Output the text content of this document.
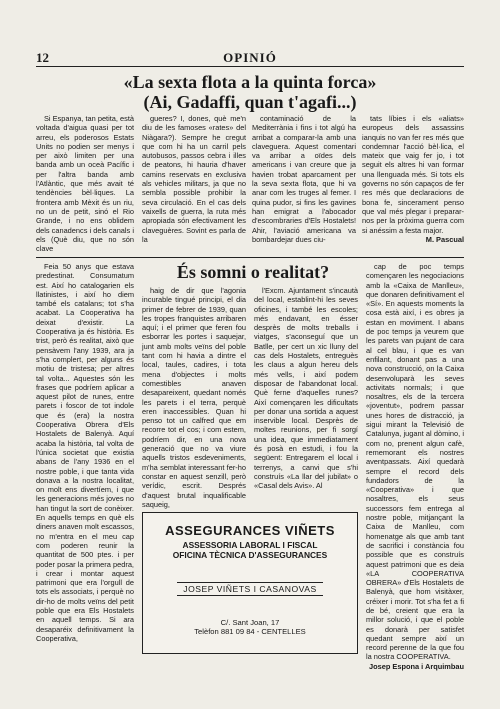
12	OPINIÓ
«La sexta flota a la quinta forca»
(Ai, Gadaffi, quan t'agafi...)

Si Espanya, tan petita, està voltada d'aigua quasi per tot arreu, els poderosos Estats Units no podien ser menys i per això limiten per una banda amb un oceà Pacífic i per l'altra banda amb l'Atlàntic, que més avait té tendències bèl·liques. La frontera amb Mèxit és un riu, no un de petit, sinó el Rio Grande, i no ens oblidem dels canadencs i dels canals i els (Què diu, que no són clave

gueres? I, dones, què me'n diu de les famoses «rates» del Niàgara?). Sempre he cregut que com hi ha un carril pels autobusos, passos cebra i illes de peatons, hi hauria d'haver camins reservats en exclusiva als vehicles militars, ja que no sembla possible prohibir la seva circulació. En el cas dels vaixells de guerra, la ruta més apropiada són efectivament les claveguères. Sovint es parla de la

contaminació de la Mediterrània i fins i tot algú ha arribat a comparar-la amb una claveguera. Aquest comentari va arribar a oïdes dels americans i van creure que ja havien trobat aparcament per la seva sexta flota, que hi va anar com les truges al femer. I quina pudor, si fins les gavines han emigrat a l'abocador d'escombraries d'Els Hostalets! Ahir, l'aviació americana va bombardejar dues ciu-

tats líbies i els «aliats» europeus dels assassins ianquis no van fer res més que condemnar l'acció bèl·lica, el mateix que vaig fer jo, i tot seguit els altres hi van formar una llenguada més. Si tots els governs no són capaços de fer res més que declaracions de bona fe, sincerament penso que val més plegar i preparar-nos per la pròxima guerra com si anéssim a festa major.

M. Pascual

Feia 50 anys que estava predestinat. Consumatum est. Així ho catalogarien els llatinistes, i així ho diem també els catalans; tot s'ha acabat. La Cooperativa ha deixat d'existir. La Cooperativa ja és història. Es trist, però és realitat, això que pensàvem l'any 1939, ara ja s'ha complert, per alguns és motiu de tristesa; per altres tal volta... Aquestes són les frases que podríem aplicar a aquest pilot de runes, entre parets i foscor de tot indole que és (era) la nostra Cooperativa Obrera d'Els Hostalets de Balenyà. Aquí acaba la història, tal volta de l'única societat que existia abans de l'any 1936 en el nostre poble, i que tanta vida donava a la nostra localitat, on molt ens divertíem, i que les generacions més joves no han tingut la sort de conèixer. En aquells temps en què els diners anaven molt escassos, no m'entra en el meu cap com poderen reunir la quantitat de 500 ptes. i per poder posar la primera pedra, i crear i montar aquest patrimoni que era l'orgull de tots els associats, i perquè no dir-ho de molts veïns del petit poble que era Els Hostalets en aquell temps. Si ara desaparéix definitivament la Cooperativa,

És somni o realitat?

haig de dir que l'agonia incurable tingué principi, el dia primer de febrer de 1939, quan les tropes franquistes arribaren aquí; i el primer que feren fou esborrar les portes i saquejar, junt amb molts veïns del poble tant com hi havia a dintre el local, taules, cadires, i tota mena d'objectes i molts comestibles anaven desapareixent, quedant només les parets i el terra, perquè eren inaccessibles. Quan hi penso tot un calfred que em recorre tot el cos; i com estem, podríem dir, en una nova generació que no va viure aquells tristos esdeveniments, m'ha semblat interessant fer-ho constar en aquest senzill, però verídic, escrit. Després d'aquest brutal inqualificable saqueig,

l'Excm. Ajuntament s'incautà del local, establint-hi les seves oficines, i també les escoles; més endavant, en ésser desprès de molts treballs i viatges, s'aconseguí que un Batlle, per cert un xic lluny del cas dels Hostalets, entreguès les claus a algun hereu dels més vells, i així podem disposar de l'abandonat local. Què ferne d'aquelles runes? Així començaren les dificultats per donar una sortida a aquest inservible local. Desprès de moltes reunions, per fi sorgí una idea, que immediatament és posà en estudi, i fou la següent: Entregarem el local i terrenys, a canvi que s'hi construís «La llar del jubilat» o «Casal dels Avis». Al

cap de poc temps començaren les negociacions amb la «Caixa de Manlleu», que donaren definitivament el «Sí». En aquests moments la cosa està així, i es obres ja estan en moviment. I abans de poc temps ja veurem que les parets van pujant de cara al cel blau, i que es van enfilant, donant pas a una nova construcció, on la Caixa desenvoluparà les seves activitats normals; i que nosaltres, els de la tercera «joventut», podrem passar unes hores de distracció, ja sigui mirant la Televisió de Catalunya, jugant al dòmino, i com no, prenent algun cafè, rememorant els nostres aventpassats. Així quedarà sempre el record dels fundadors de la «Cooperativa» i que nosaltres, els seus successors fem entrega al nostre poble, mitjançant la Caixa de Manlleu, com homenatge als que amb tant de sacrifici i constància fou possible que es construís aquest patrimoni que es deia «LA COOPERATIVA OBRERA» d'Els Hostalets de Balenyà, que hom visitàxer, créixer i morir. Tot s'ha fet a fi de bé, creient que era la millor solució, i que el poble es donarà per satisfet quedant sempre així un record perenne de la que fou la nostra COOPERATIVA.

Josep Espona i Arquimbau
ASSEGURANCES VIÑETS
ASSESSORIA LABORAL I FISCAL
OFICINA TÈCNICA D'ASSEGURANCES
JOSEP VIÑETS I CASANOVAS
C/. Sant Joan, 17
Telèfon 881 09 84 - CENTELLES
